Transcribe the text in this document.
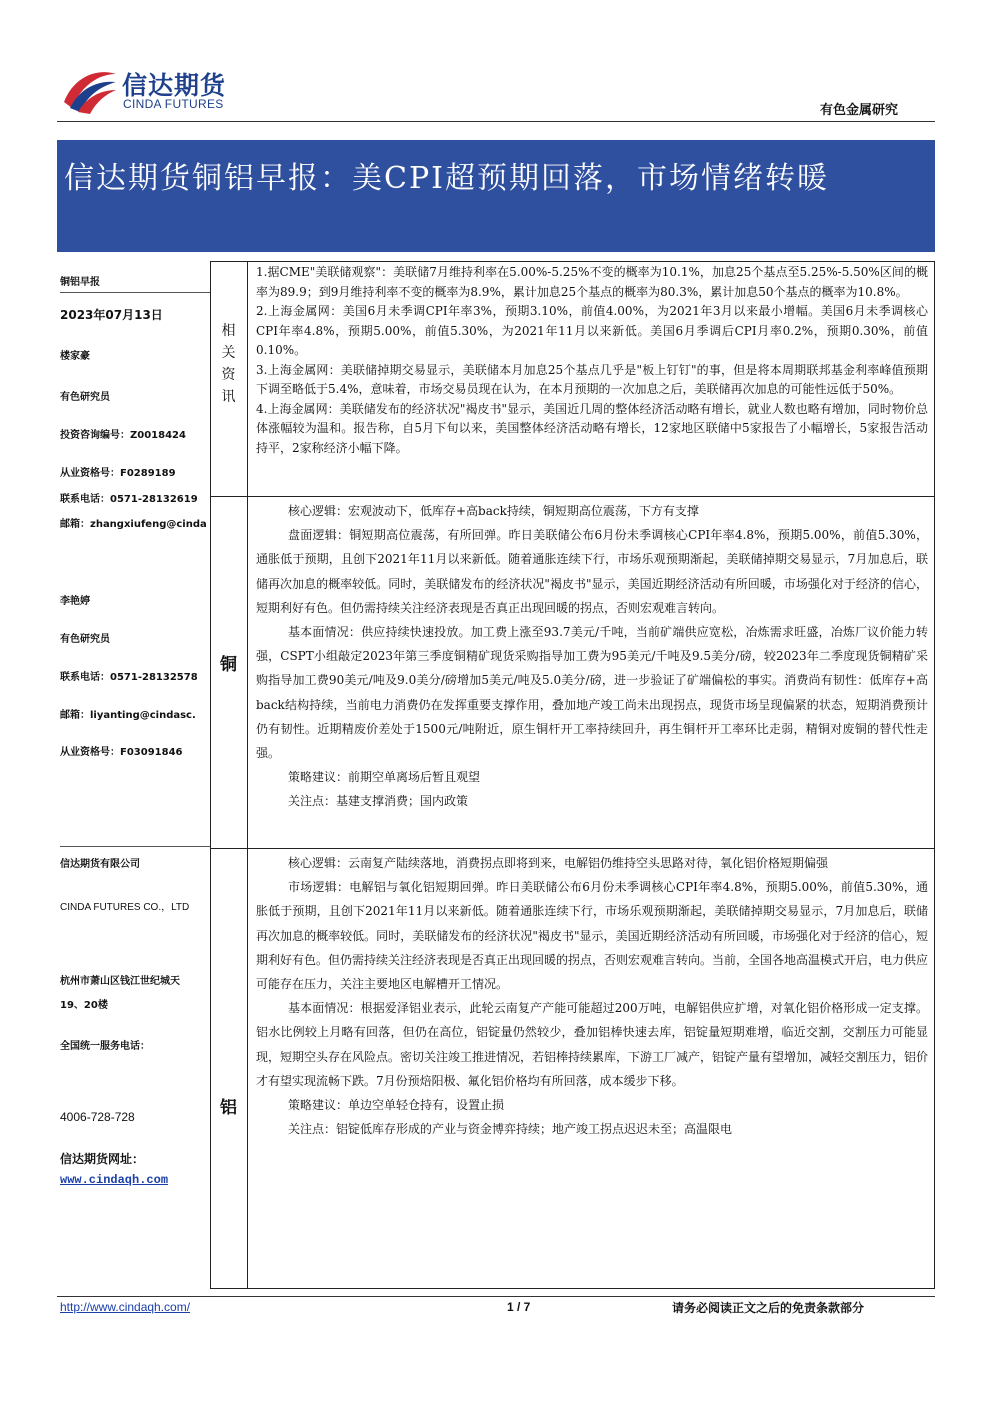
信达期货
CINDA FUTURES	有色金属研究
信达期货铜铝早报：美CPI超预期回落，市场情绪转暖
铜铝早报
2023年07月13日
楼家豪
有色研究员
投资咨询编号：Z0018424
从业资格号：F0289189
联系电话：0571-28132619
邮箱：zhangxiufeng@cinda
李艳婷
有色研究员
联系电话：0571-28132578
邮箱：liyanting@cindasc.
从业资格号：F03091846
信达期货有限公司
CINDA FUTURES CO.，LTD
杭州市萧山区钱江世纪城天
19、20楼
全国统一服务电话：
4006-728-728
信达期货网址：
www.cindaqh.com
相
关
资
讯

1.据CME"美联储观察"：美联储7月维持利率在5.00%-5.25%不变的概率为10.1%，加息25个基点至5.25%-5.50%区间的概率为89.9；到9月维持利率不变的概率为8.9%，累计加息25个基点的概率为80.3%，累计加息50个基点的概率为10.8%。

2.上海金属网：美国6月未季调CPI年率3%，预期3.10%，前值4.00%，为2021年3月以来最小增幅。美国6月未季调核心CPI年率4.8%，预期5.00%，前值5.30%，为2021年11月以来新低。美国6月季调后CPI月率0.2%，预期0.30%，前值0.10%。

3.上海金属网：美联储掉期交易显示，美联储本月加息25个基点几乎是"板上钉钉"的事，但是将本周期联邦基金利率峰值预期下调至略低于5.4%，意味着，市场交易员现在认为，在本月预期的一次加息之后，美联储再次加息的可能性远低于50%。

4.上海金属网：美联储发布的经济状况"褐皮书"显示，美国近几周的整体经济活动略有增长，就业人数也略有增加，同时物价总体涨幅较为温和。报告称，自5月下旬以来，美国整体经济活动略有增长，12家地区联储中5家报告了小幅增长，5家报告活动持平，2家称经济小幅下降。

铜

核心逻辑：宏观波动下，低库存+高back持续，铜短期高位震荡，下方有支撑

盘面逻辑：铜短期高位震荡，有所回弹。昨日美联储公布6月份未季调核心CPI年率4.8%，预期5.00%，前值5.30%，通胀低于预期，且创下2021年11月以来新低。随着通胀连续下行，市场乐观预期渐起，美联储掉期交易显示，7月加息后，联储再次加息的概率较低。同时，美联储发布的经济状况"褐皮书"显示，美国近期经济活动有所回暖，市场强化对于经济的信心，短期利好有色。但仍需持续关注经济表现是否真正出现回暖的拐点，否则宏观难言转向。

基本面情况：供应持续快速投放。加工费上涨至93.7美元/千吨，当前矿端供应宽松，冶炼需求旺盛，冶炼厂议价能力转强，CSPT小组敲定2023年第三季度铜精矿现货采购指导加工费为95美元/千吨及9.5美分/磅，较2023年二季度现货铜精矿采购指导加工费90美元/吨及9.0美分/磅增加5美元/吨及5.0美分/磅，进一步验证了矿端偏松的事实。消费尚有韧性：低库存+高back结构持续，当前电力消费仍在发挥重要支撑作用，叠加地产竣工尚未出现拐点，现货市场呈现偏紧的状态，短期消费预计仍有韧性。近期精废价差处于1500元/吨附近，原生铜杆开工率持续回升，再生铜杆开工率环比走弱，精铜对废铜的替代性走强。

策略建议：前期空单离场后暂且观望

关注点：基建支撑消费；国内政策

铝

核心逻辑：云南复产陆续落地，消费拐点即将到来，电解铝仍维持空头思路对待，氧化铝价格短期偏强

市场逻辑：电解铝与氧化铝短期回弹。昨日美联储公布6月份未季调核心CPI年率4.8%，预期5.00%，前值5.30%，通胀低于预期，且创下2021年11月以来新低。随着通胀连续下行，市场乐观预期渐起，美联储掉期交易显示，7月加息后，联储再次加息的概率较低。同时，美联储发布的经济状况"褐皮书"显示，美国近期经济活动有所回暖，市场强化对于经济的信心，短期利好有色。但仍需持续关注经济表现是否真正出现回暖的拐点，否则宏观难言转向。当前，全国各地高温模式开启，电力供应可能存在压力，关注主要地区电解槽开工情况。

基本面情况：根据爱泽铝业表示，此轮云南复产产能可能超过200万吨，电解铝供应扩增，对氧化铝价格形成一定支撑。铝水比例较上月略有回落，但仍在高位，铝锭量仍然较少，叠加铝棒快速去库，铝锭量短期难增，临近交割，交割压力可能显现，短期空头存在风险点。密切关注竣工推进情况，若铝棒持续累库，下游工厂减产，铝锭产量有望增加，减轻交割压力，铝价才有望实现流畅下跌。7月份预焙阳极、氟化铝价格均有所回落，成本缓步下移。

策略建议：单边空单轻仓持有，设置止损

关注点：铝锭低库存形成的产业与资金博弈持续；地产竣工拐点迟迟未至；高温限电

http://www.cindaqh.com/	1 / 7	请务必阅读正文之后的免责条款部分
